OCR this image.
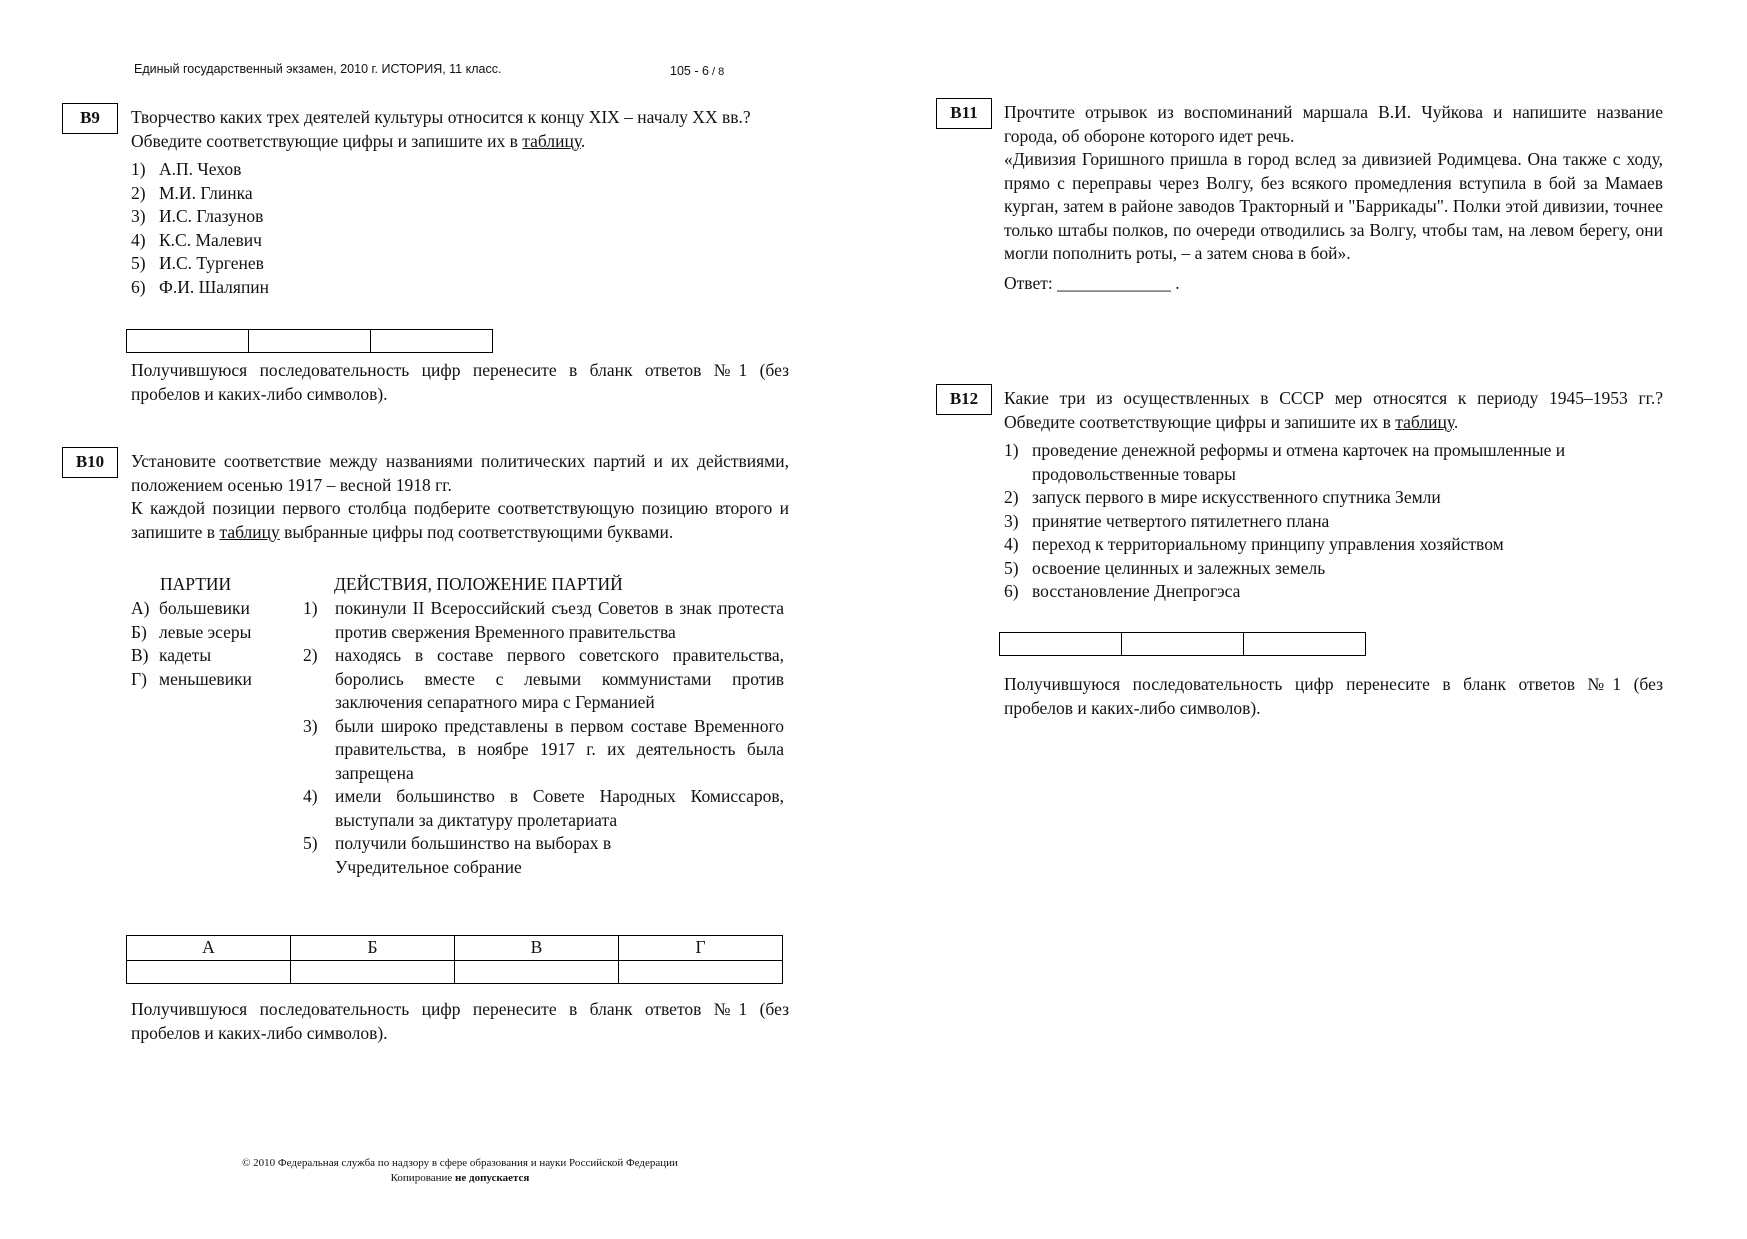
Единый государственный экзамен, 2010 г. ИСТОРИЯ, 11 класс.	105 - 6 / 8
B9	Творчество каких трех деятелей культуры относится к концу XIX – началу XX вв.?

Обведите соответствующие цифры и запишите их в таблицу.

1) А.П. Чехов
2) М.И. Глинка
3) И.С. Глазунов
4) К.С. Малевич
5) И.С. Тургенев
6) Ф.И. Шаляпин

Получившуюся последовательность цифр перенесите в бланк ответов №1 (без пробелов и каких-либо символов).
B10	Установите соответствие между названиями политических партий и их действиями, положением осенью 1917 – весной 1918 гг.

К каждой позиции первого столбца подберите соответствующую позицию второго и запишите в таблицу выбранные цифры под соответствующими буквами.

ПАРТИИ	ДЕЙСТВИЯ, ПОЛОЖЕНИЕ ПАРТИЙ
А) большевики
Б) левые эсеры
В) кадеты
Г) меньшевики
1) покинули II Всероссийский съезд Советов в знак протеста против свержения Временного правительства
2) находясь в составе первого советского правительства, боролись вместе с левыми коммунистами против заключения сепаратного мира с Германией
3) были широко представлены в первом составе Временного правительства, в ноябре 1917 г. их деятельность была запрещена
4) имели большинство в Совете Народных Комиссаров, выступали за диктатуру пролетариата
5) получили большинство на выборах в Учредительное собрание
А	Б	В	Г

Получившуюся последовательность цифр перенесите в бланк ответов №1 (без пробелов и каких-либо символов).
B11	Прочтите отрывок из воспоминаний маршала В.И. Чуйкова и напишите название города, об обороне которого идет речь.

«Дивизия Горишного пришла в город вслед за дивизией Родимцева. Она также с ходу, прямо с переправы через Волгу, без всякого промедления вступила в бой за Мамаев курган, затем в районе заводов Тракторный и "Баррикады". Полки этой дивизии, точнее только штабы полков, по очереди отводились за Волгу, чтобы там, на левом берегу, они могли пополнить роты, – а затем снова в бой».

Ответ: _____________ .

B12	Какие три из осуществленных в СССР мер относятся к периоду 1945–1953 гг.? Обведите соответствующие цифры и запишите их в таблицу.

1) проведение денежной реформы и отмена карточек на промышленные и продовольственные товары
2) запуск первого в мире искусственного спутника Земли
3) принятие четвертого пятилетнего плана
4) переход к территориальному принципу управления хозяйством
5) освоение целинных и залежных земель
6) восстановление Днепрогэса

Получившуюся последовательность цифр перенесите в бланк ответов №1 (без пробелов и каких-либо символов).
© 2010 Федеральная служба по надзору в сфере образования и науки Российской Федерации
Копирование не допускается
